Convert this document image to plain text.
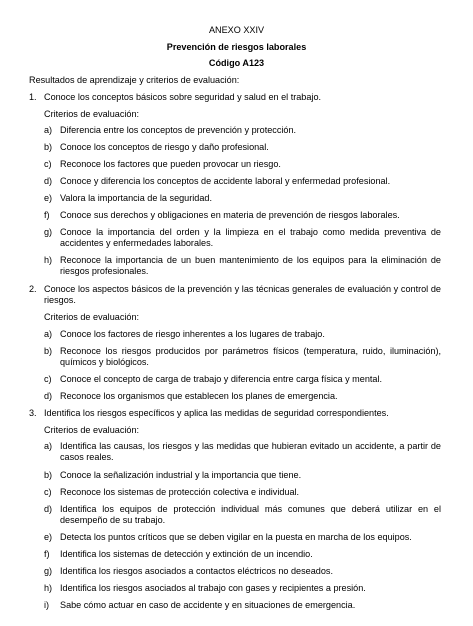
ANEXO XXIV
Prevención de riesgos laborales
Código A123
Resultados de aprendizaje y criterios de evaluación:
1. Conoce los conceptos básicos sobre seguridad y salud en el trabajo.
Criterios de evaluación:
a) Diferencia entre los conceptos de prevención y protección.
b) Conoce los conceptos de riesgo y daño profesional.
c) Reconoce los factores que pueden provocar un riesgo.
d) Conoce y diferencia los conceptos de accidente laboral y enfermedad profesional.
e) Valora la importancia de la seguridad.
f) Conoce sus derechos y obligaciones en materia de prevención de riesgos laborales.
g) Conoce la importancia del orden y la limpieza en el trabajo como medida preventiva de accidentes y enfermedades laborales.
h) Reconoce la importancia de un buen mantenimiento de los equipos para la eliminación de riesgos profesionales.
2. Conoce los aspectos básicos de la prevención y las técnicas generales de evaluación y control de riesgos.
Criterios de evaluación:
a) Conoce los factores de riesgo inherentes a los lugares de trabajo.
b) Reconoce los riesgos producidos por parámetros físicos (temperatura, ruido, iluminación), químicos y biológicos.
c) Conoce el concepto de carga de trabajo y diferencia entre carga física y mental.
d) Reconoce los organismos que establecen los planes de emergencia.
3. Identifica los riesgos específicos y aplica las medidas de seguridad correspondientes.
Criterios de evaluación:
a) Identifica las causas, los riesgos y las medidas que hubieran evitado un accidente, a partir de casos reales.
b) Conoce la señalización industrial y la importancia que tiene.
c) Reconoce los sistemas de protección colectiva e individual.
d) Identifica los equipos de protección individual más comunes que deberá utilizar en el desempeño de su trabajo.
e) Detecta los puntos críticos que se deben vigilar en la puesta en marcha de los equipos.
f) Identifica los sistemas de detección y extinción de un incendio.
g) Identifica los riesgos asociados a contactos eléctricos no deseados.
h) Identifica los riesgos asociados al trabajo con gases y recipientes a presión.
i) Sabe cómo actuar en caso de accidente y en situaciones de emergencia.
